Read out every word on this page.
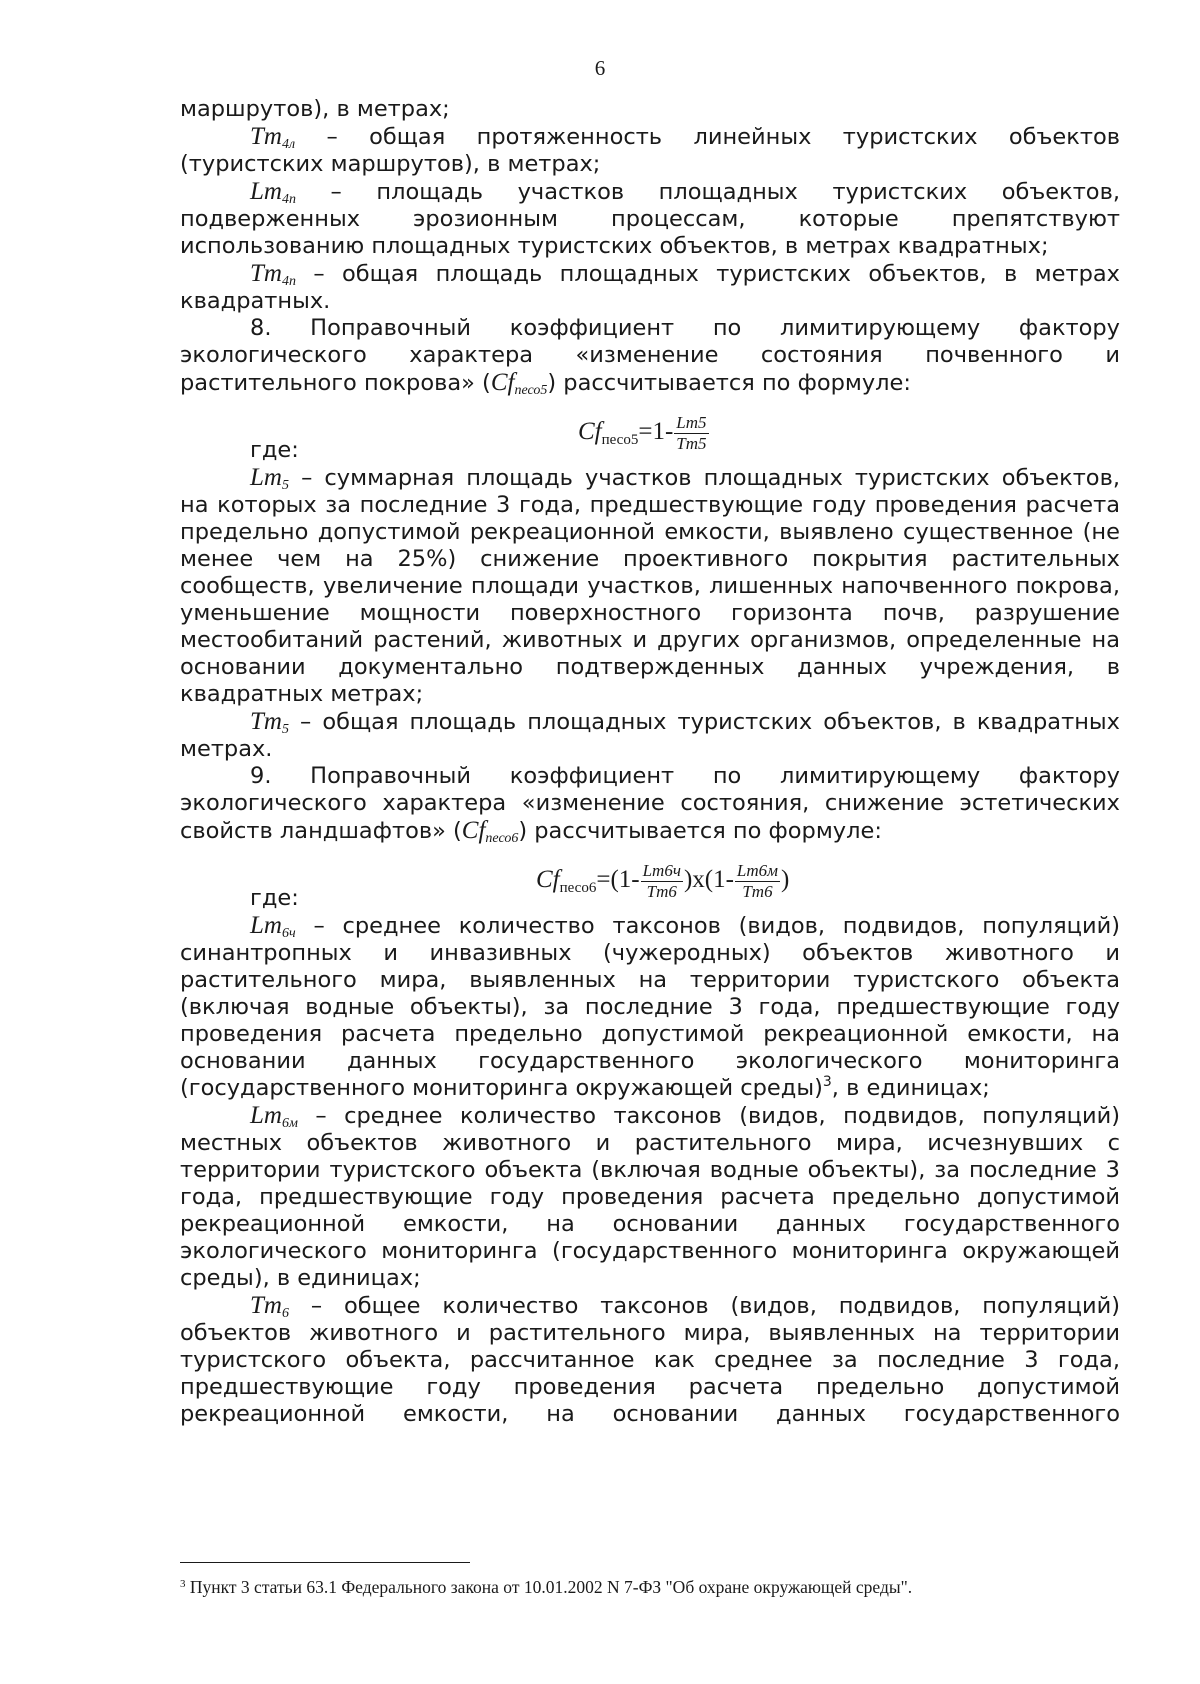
6

маршрутов), в метрах;

$Tm_{4л}$ – общая протяженность линейных туристских объектов (туристских маршрутов), в метрах;

$Lm_{4п}$ – площадь участков площадных туристских объектов, подверженных эрозионным процессам, которые препятствуют использованию площадных туристских объектов, в метрах квадратных;

$Tm_{4п}$ – общая площадь площадных туристских объектов, в метрах квадратных.

8. Поправочный коэффициент по лимитирующему фактору экологического характера «изменение состояния почвенного и растительного покрова» $(Cf_{песо5})$ рассчитывается по формуле:

$Cf_{песо5}=1- \frac{Lm5}{Tm5}$

где:

$Lm_5$ – суммарная площадь участков площадных туристских объектов, на которых за последние 3 года, предшествующие году проведения расчета предельно допустимой рекреационной емкости, выявлено существенное (не менее чем на 25%) снижение проективного покрытия растительных сообществ, увеличение площади участков, лишенных напочвенного покрова, уменьшение мощности поверхностного горизонта почв, разрушение местообитаний растений, животных и других организмов, определенные на основании документально подтвержденных данных учреждения, в квадратных метрах;

$Tm_5$ – общая площадь площадных туристских объектов, в квадратных метрах.

9. Поправочный коэффициент по лимитирующему фактору экологического характера «изменение состояния, снижение эстетических свойств ландшафтов» $(Cf_{песо6})$ рассчитывается по формуле:

$Cf_{песо6}=(1- \frac{Lm6ч}{Tm6} )х(1- \frac{Lm6м}{Tm6}$ )

где:

$Lm_{6ч}$ – среднее количество таксонов (видов, подвидов, популяций) синантропных и инвазивных (чужеродных) объектов животного и растительного мира, выявленных на территории туристского объекта (включая водные объекты), за последние 3 года, предшествующие году проведения расчета предельно допустимой рекреационной емкости, на основании данных государственного экологического мониторинга (государственного мониторинга окружающей среды)$^3$, в единицах;

$Lm_{6м}$ – среднее количество таксонов (видов, подвидов, популяций) местных объектов животного и растительного мира, исчезнувших с территории туристского объекта (включая водные объекты), за последние 3 года, предшествующие году проведения расчета предельно допустимой рекреационной емкости, на основании данных государственного экологического мониторинга (государственного мониторинга окружающей среды), в единицах;

$Tm_6$ – общее количество таксонов (видов, подвидов, популяций) объектов животного и растительного мира, выявленных на территории туристского объекта, рассчитанное как среднее за последние 3 года, предшествующие году проведения расчета предельно допустимой рекреационной емкости, на основании данных государственного

$^3$ Пункт 3 статьи 63.1 Федерального закона от 10.01.2002 N 7-ФЗ "Об охране окружающей среды".
